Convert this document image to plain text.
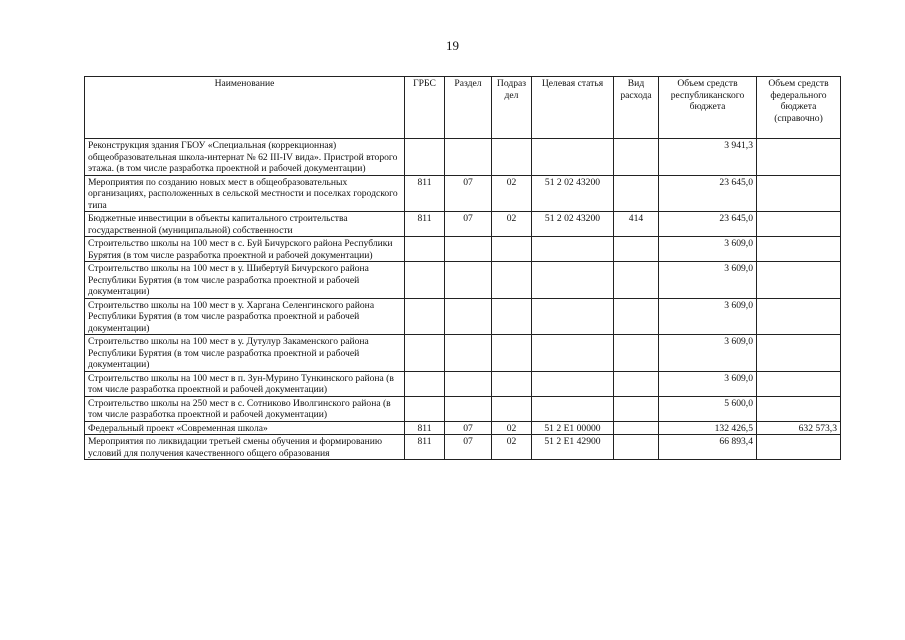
19
Наименование	ГРБС	Раздел	Подраз дел	Целевая статья	Вид расхода	Объем средств республиканского бюджета	Объем средств федерального бюджета (справочно)
Реконструкция здания ГБОУ «Специальная (коррекционная) общеобразовательная школа-интернат № 62 III-IV вида». Пристрой второго этажа. (в том числе разработка проектной и рабочей документации)						3 941,3	
Мероприятия по созданию новых мест в общеобразовательных организациях, расположенных в сельской местности и поселках городского типа	811	07	02	51 2 02 43200		23 645,0	
Бюджетные инвестиции в объекты капитального строительства государственной (муниципальной) собственности	811	07	02	51 2 02 43200	414	23 645,0	
Строительство школы на 100 мест в с. Буй Бичурского района Республики Бурятия (в том числе разработка проектной и рабочей документации)						3 609,0	
Строительство школы на 100 мест в у. Шибертуй Бичурского района Республики Бурятия (в том числе разработка проектной и рабочей документации)						3 609,0	
Строительство школы на 100 мест в у. Харгана Селенгинского района Республики Бурятия (в том числе разработка проектной и рабочей документации)						3 609,0	
Строительство школы на 100 мест в у. Дутулур Закаменского района Республики Бурятия (в том числе разработка проектной и рабочей документации)						3 609,0	
Строительство школы на 100 мест в п. Зун-Мурино Тункинского района (в том числе разработка проектной и рабочей документации)						3 609,0	
Строительство школы на 250 мест в с. Сотниково Иволгинского района (в том числе разработка проектной и рабочей документации)						5 600,0	
Федеральный проект «Современная школа»	811	07	02	51 2 E1 00000		132 426,5	632 573,3
Мероприятия по ликвидации третьей смены обучения и формированию условий для получения качественного общего образования	811	07	02	51 2 E1 42900		66 893,4	
